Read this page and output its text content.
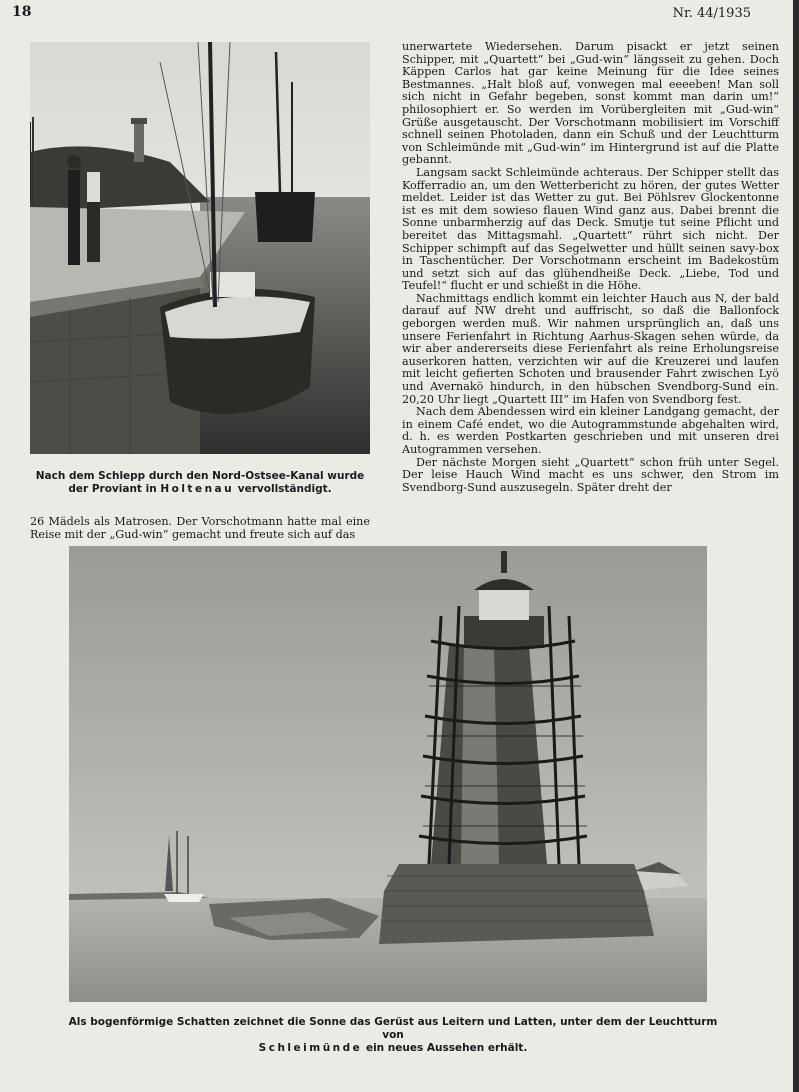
18	Nr. 44/1935
Nach dem Schlepp durch den Nord-Ostsee-Kanal wurde der Proviant in Holtenau vervollständigt.

26 Mädels als Matrosen. Der Vorschotmann hatte mal eine Reise mit der „Gud-win“ gemacht und freute sich auf das

unerwartete Wiedersehen. Darum pisackt er jetzt seinen Schipper, mit „Quartett“ bei „Gud-win“ längsseit zu gehen. Doch Käppen Carlos hat gar keine Meinung für die Idee seines Bestmannes. „Halt bloß auf, vonwegen mal eeeeben! Man soll sich nicht in Gefahr begeben, sonst kommt man darin um!“ philosophiert er. So werden im Vorübergleiten mit „Gud-win“ Grüße ausgetauscht. Der Vorschotmann mobilisiert im Vorschiff schnell seinen Photoladen, dann ein Schuß und der Leuchtturm von Schleimünde mit „Gud-win“ im Hintergrund ist auf die Platte gebannt.

Langsam sackt Schleimünde achteraus. Der Schipper stellt das Kofferradio an, um den Wetterbericht zu hören, der gutes Wetter meldet. Leider ist das Wetter zu gut. Bei Pöhlsrev Glockentonne ist es mit dem sowieso flauen Wind ganz aus. Dabei brennt die Sonne unbarmherzig auf das Deck. Smutje tut seine Pflicht und bereitet das Mittagsmahl. „Quartett“ rührt sich nicht. Der Schipper schimpft auf das Segelwetter und hüllt seinen savy-box in Taschentücher. Der Vorschotmann erscheint im Badekostüm und setzt sich auf das glühendheiße Deck. „Liebe, Tod und Teufel!“ flucht er und schießt in die Höhe.

Nachmittags endlich kommt ein leichter Hauch aus N, der bald darauf auf NW dreht und auffrischt, so daß die Ballonfock geborgen werden muß. Wir nahmen ursprünglich an, daß uns unsere Ferienfahrt in Richtung Aarhus-Skagen sehen würde, da wir aber andererseits diese Ferienfahrt als reine Erholungsreise auserkoren hatten, verzichten wir auf die Kreuzerei und laufen mit leicht gefierten Schoten und brausender Fahrt zwischen Lyö und Avernakö hindurch, in den hübschen Svendborg-Sund ein. 20,20 Uhr liegt „Quartett III“ im Hafen von Svendborg fest.

Nach dem Abendessen wird ein kleiner Landgang gemacht, der in einem Café endet, wo die Autogrammstunde abgehalten wird, d. h. es werden Postkarten geschrieben und mit unseren drei Autogrammen versehen.

Der nächste Morgen sieht „Quartett“ schon früh unter Segel. Der leise Hauch Wind macht es uns schwer, den Strom im Svendborg-Sund auszusegeln. Später dreht der

Als bogenförmige Schatten zeichnet die Sonne das Gerüst aus Leitern und Latten, unter dem der Leuchtturm von
Schleimünde ein neues Aussehen erhält.
